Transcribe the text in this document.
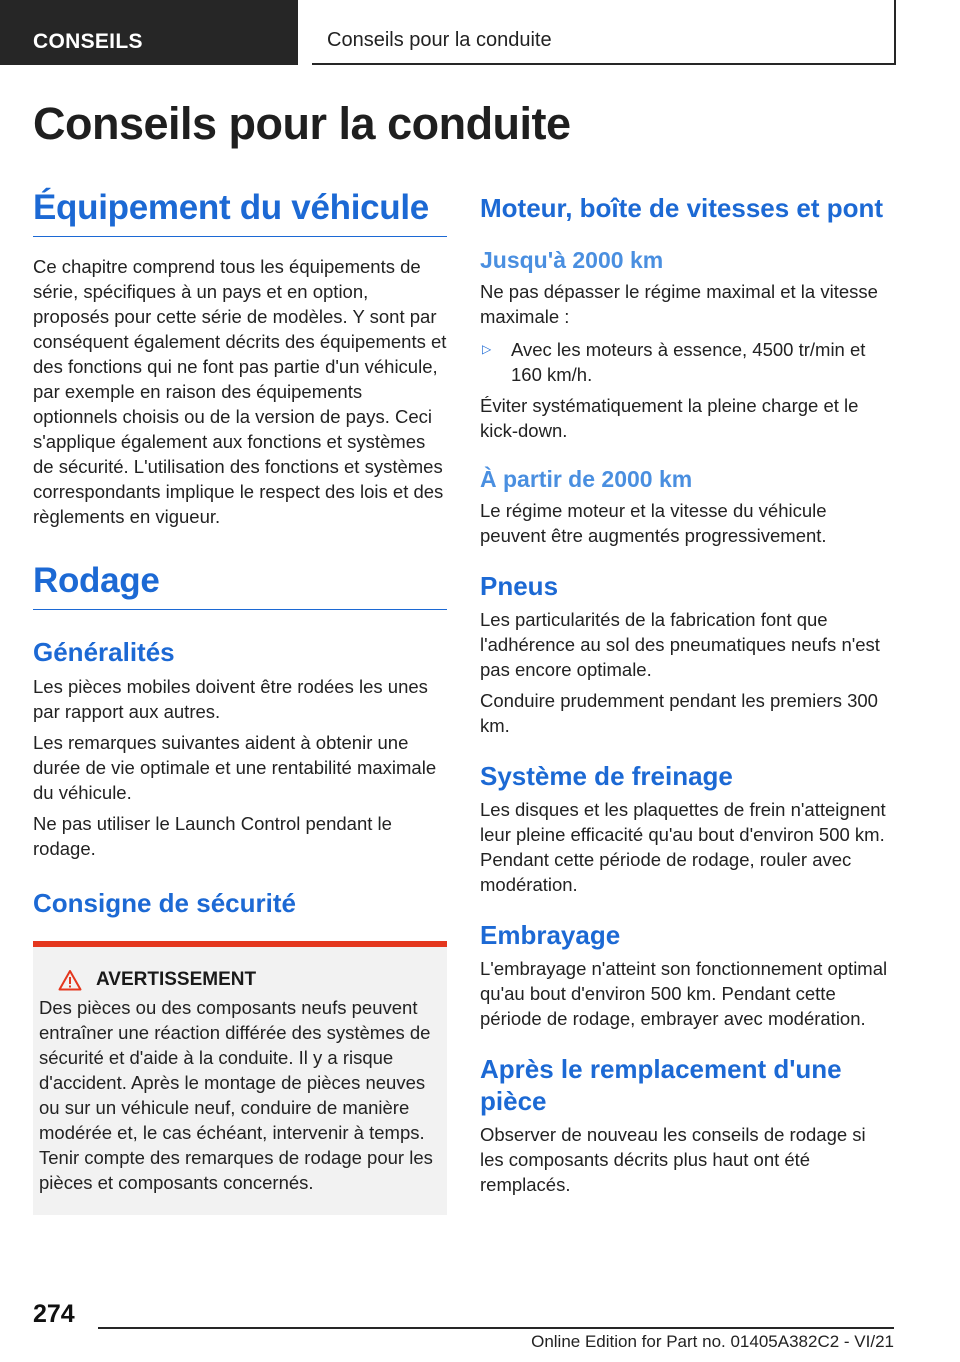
CONSEILS	Conseils pour la conduite
Conseils pour la conduite
Équipement du véhicule

Ce chapitre comprend tous les équipements de série, spécifiques à un pays et en option, proposés pour cette série de modèles. Y sont par conséquent également décrits des équipements et des fonctions qui ne font pas partie d'un véhicule, par exemple en raison des équipements optionnels choisis ou de la version de pays. Ceci s'applique également aux fonctions et systèmes de sécurité. L'utilisation des fonctions et systèmes correspondants implique le respect des lois et des règlements en vigueur.

Rodage
Généralités

Les pièces mobiles doivent être rodées les unes par rapport aux autres.

Les remarques suivantes aident à obtenir une durée de vie optimale et une rentabilité maximale du véhicule.

Ne pas utiliser le Launch Control pendant le rodage.

Consigne de sécurité
AVERTISSEMENT

Des pièces ou des composants neufs peuvent entraîner une réaction différée des systèmes de sécurité et d'aide à la conduite. Il y a risque d'accident. Après le montage de pièces neuves ou sur un véhicule neuf, conduire de manière modérée et, le cas échéant, intervenir à temps. Tenir compte des remarques de rodage pour les pièces et composants concernés.

Moteur, boîte de vitesses et pont
Jusqu'à 2000 km

Ne pas dépasser le régime maximal et la vitesse maximale :

▷	Avec les moteurs à essence, 4500 tr/min et 160 km/h.

Éviter systématiquement la pleine charge et le kick-down.

À partir de 2000 km

Le régime moteur et la vitesse du véhicule peuvent être augmentés progressivement.

Pneus

Les particularités de la fabrication font que l'adhérence au sol des pneumatiques neufs n'est pas encore optimale.

Conduire prudemment pendant les premiers 300 km.

Système de freinage

Les disques et les plaquettes de frein n'atteignent leur pleine efficacité qu'au bout d'environ 500 km. Pendant cette période de rodage, rouler avec modération.

Embrayage

L'embrayage n'atteint son fonctionnement optimal qu'au bout d'environ 500 km. Pendant cette période de rodage, embrayer avec modération.

Après le remplacement d'une pièce

Observer de nouveau les conseils de rodage si les composants décrits plus haut ont été remplacés.

274
Online Edition for Part no. 01405A382C2 - VI/21
